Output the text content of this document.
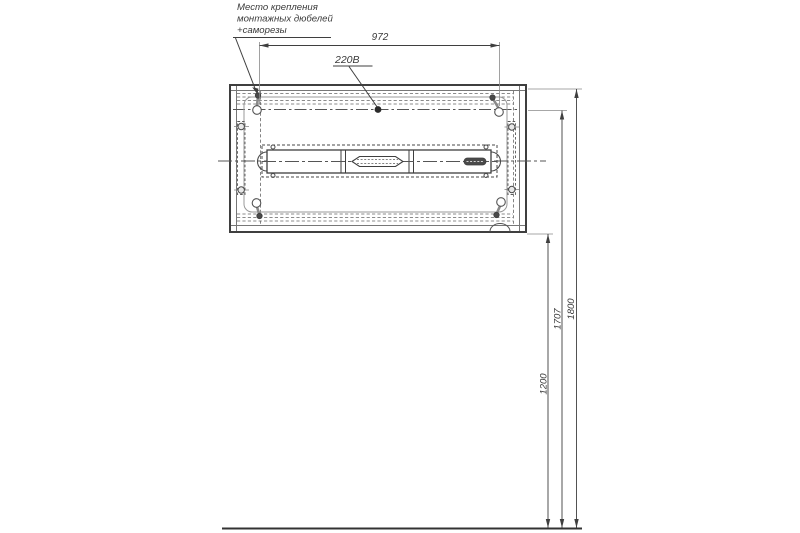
Место крепления
монтажных дюбелей
+саморезы
972
220В
1800
1707
1200
